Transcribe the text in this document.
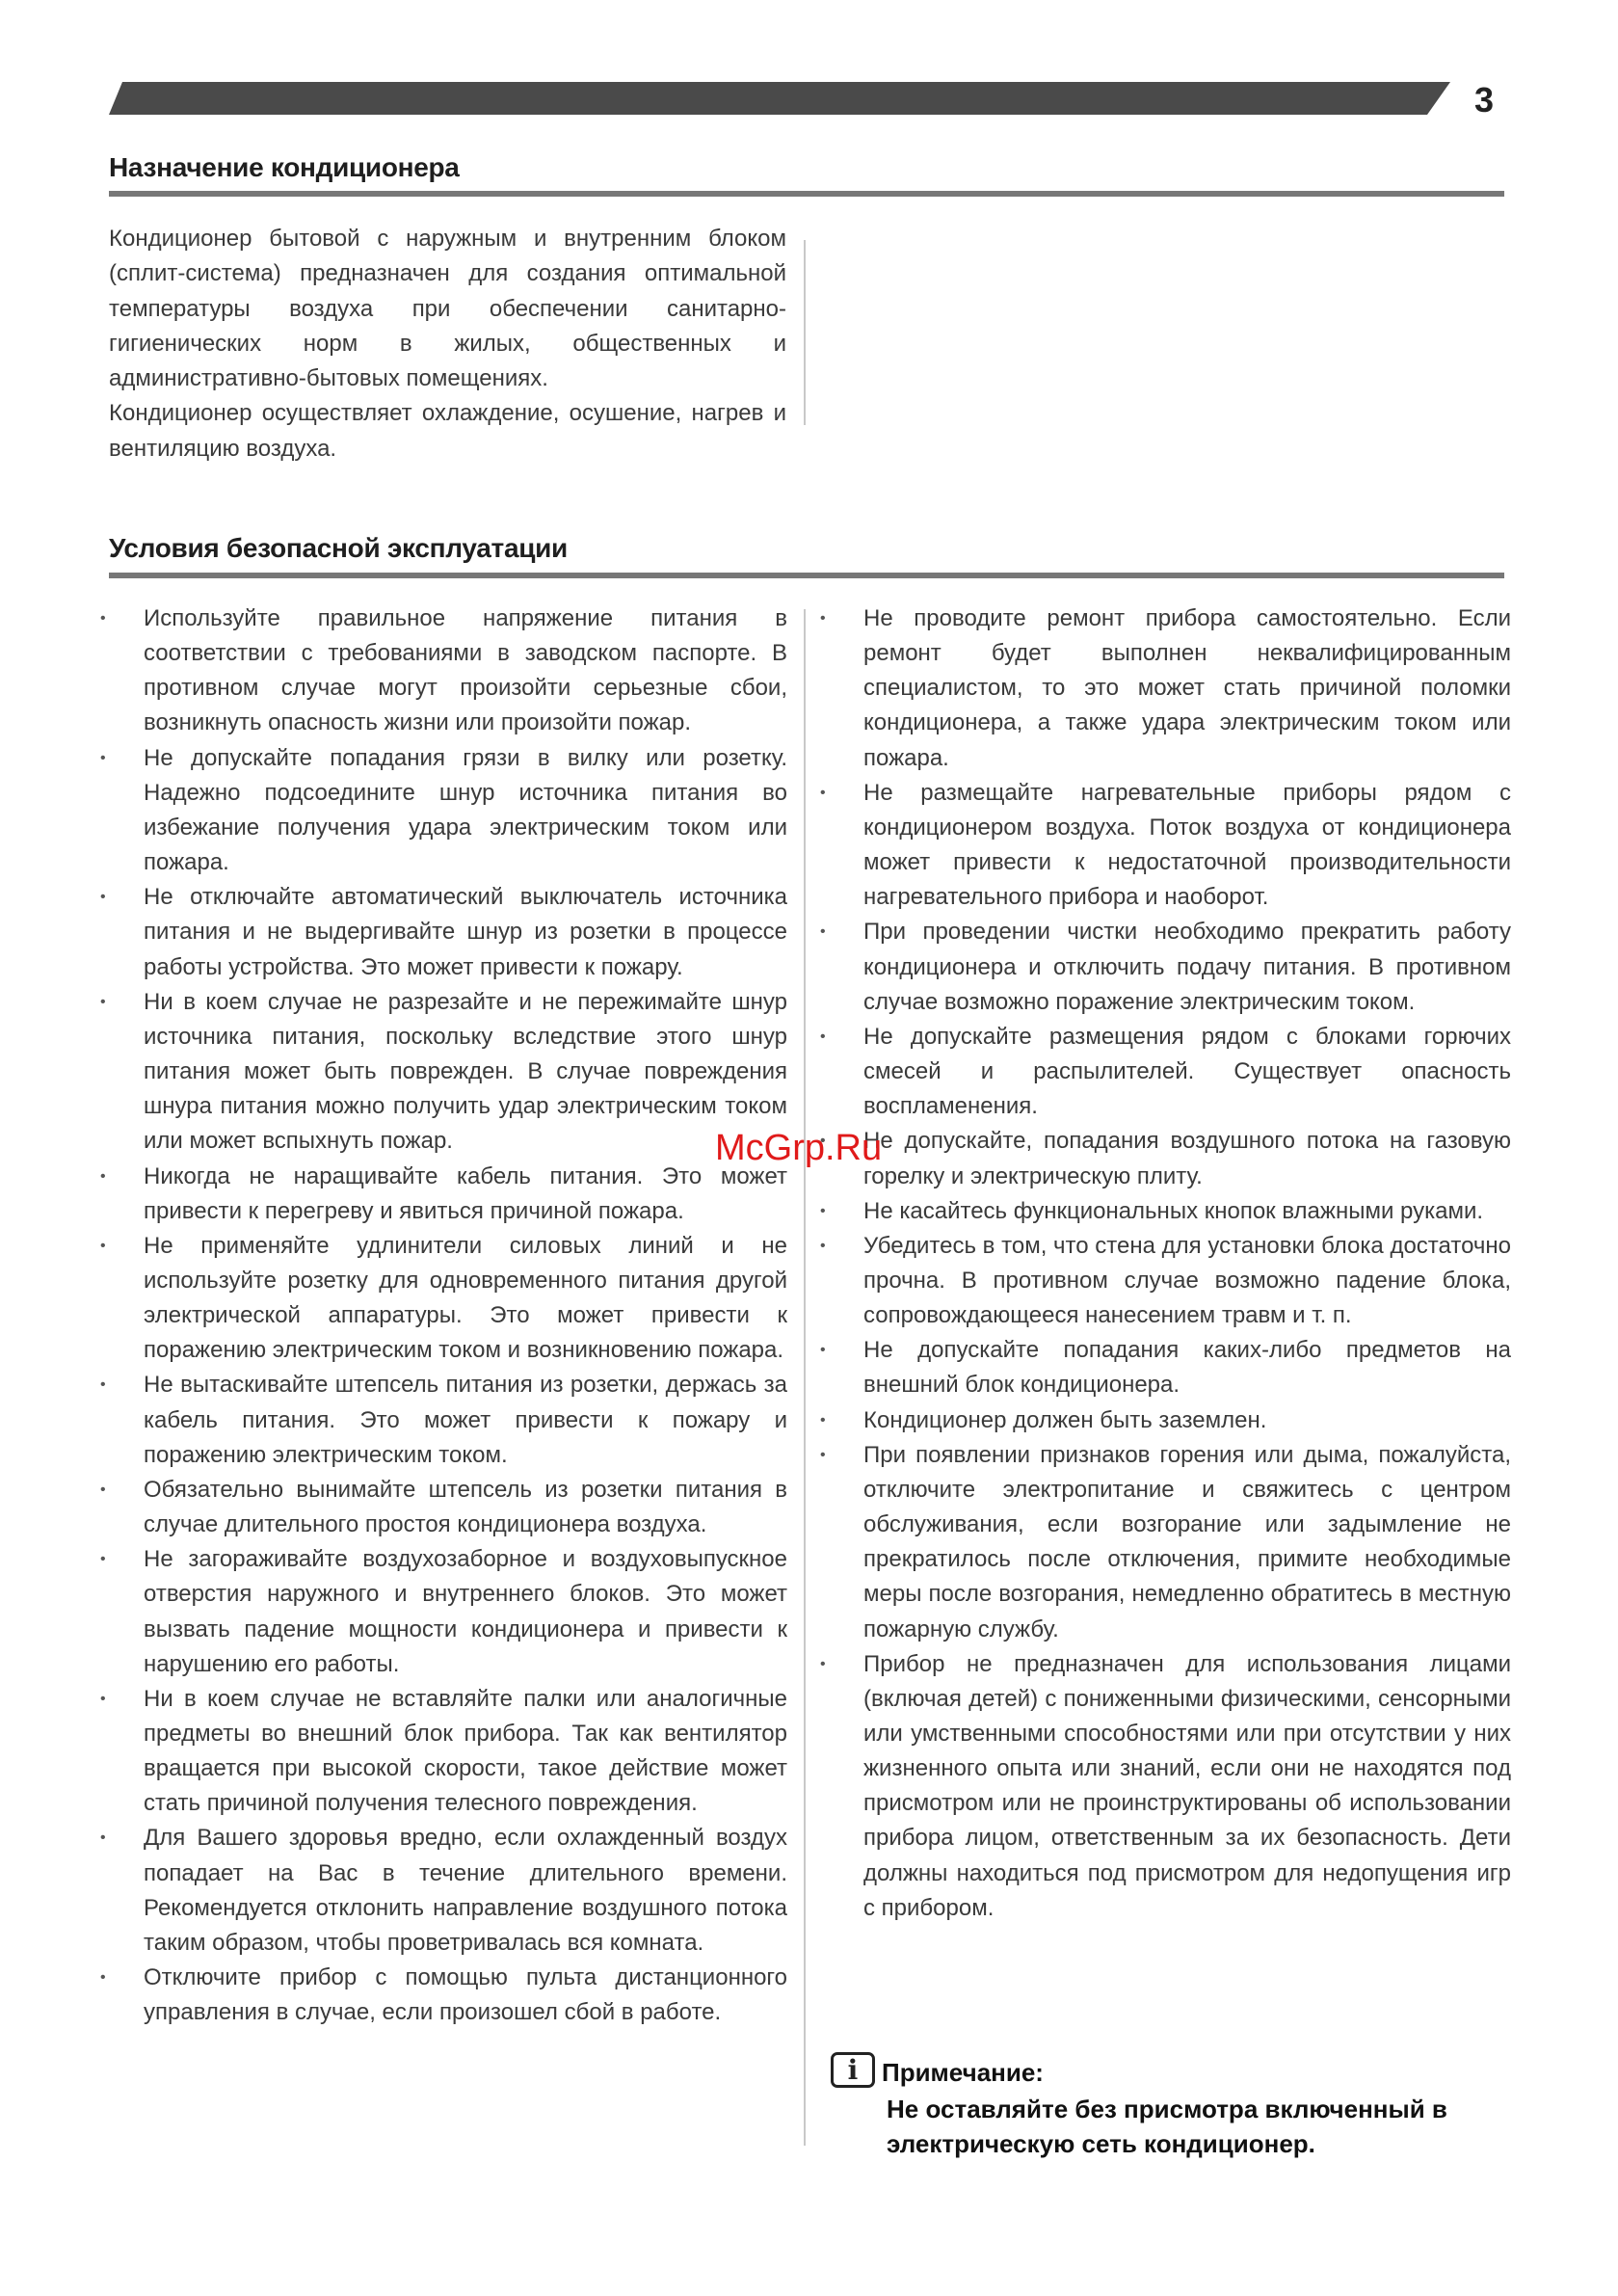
3
Назначение кондиционера

Кондиционер бытовой с наружным и внутренним блоком (сплит-система) предназначен для создания оптимальной температуры воздуха при обеспечении санитарно-гигиенических норм в жилых, общественных и административно-бытовых помещениях.

Кондиционер осуществляет охлаждение, осушение, нагрев и вентиляцию воздуха.

Условия безопасной эксплуатации
• Используйте правильное напряжение питания в соответствии с требованиями в заводском паспорте. В противном случае могут произойти серьезные сбои, возникнуть опасность жизни или произойти пожар.
• Не допускайте попадания грязи в вилку или розетку. Надежно подсоедините шнур источника питания во избежание получения удара электрическим током или пожара.
• Не отключайте автоматический выключатель источника питания и не выдергивайте шнур из розетки в процессе работы устройства. Это может привести к пожару.
• Ни в коем случае не разрезайте и не пережимайте шнур источника питания, поскольку вследствие этого шнур питания может быть поврежден. В случае повреждения шнура питания можно получить удар электрическим током или может вспыхнуть пожар.
• Никогда не наращивайте кабель питания. Это может привести к перегреву и явиться причиной пожара.
• Не применяйте удлинители силовых линий и не используйте розетку для одновременного питания другой электрической аппаратуры. Это может привести к поражению электрическим током и возникновению пожара.
• Не вытаскивайте штепсель питания из розетки, держась за кабель питания. Это может привести к пожару и поражению электрическим током.
• Обязательно вынимайте штепсель из розетки питания в случае длительного простоя кондиционера воздуха.
• Не загораживайте воздухозаборное и воздуховыпускное отверстия наружного и внутреннего блоков. Это может вызвать падение мощности кондиционера и привести к нарушению его работы.
• Ни в коем случае не вставляйте палки или аналогичные предметы во внешний блок прибора. Так как вентилятор вращается при высокой скорости, такое действие может стать причиной получения телесного повреждения.
• Для Вашего здоровья вредно, если охлажденный воздух попадает на Вас в течение длительного времени. Рекомендуется отклонить направление воздушного потока таким образом, чтобы проветривалась вся комната.
• Отключите прибор с помощью пульта дистанционного управления в случае, если произошел сбой в работе.
• Не проводите ремонт прибора самостоятельно. Если ремонт будет выполнен неквалифицированным специалистом, то это может стать причиной поломки кондиционера, а также удара электрическим током или пожара.
• Не размещайте нагревательные приборы рядом с кондиционером воздуха. Поток воздуха от кондиционера может привести к недостаточной производительности нагревательного прибора и наоборот.
• При проведении чистки необходимо прекратить работу кондиционера и отключить подачу питания. В противном случае возможно поражение электрическим током.
• Не допускайте размещения рядом с блоками горючих смесей и распылителей. Существует опасность воспламенения.
• Не допускайте, попадания воздушного потока на газовую горелку и электрическую плиту.
• Не касайтесь функциональных кнопок влажными руками.
• Убедитесь в том, что стена для установки блока достаточно прочна. В противном случае возможно падение блока, сопровождающееся нанесением травм и т. п.
• Не допускайте попадания каких-либо предметов на внешний блок кондиционера.
• Кондиционер должен быть заземлен.
• При появлении признаков горения или дыма, пожалуйста, отключите электропитание и свяжитесь с центром обслуживания, если возгорание или задымление не прекратилось после отключения, примите необходимые меры после возгорания, немедленно обратитесь в местную пожарную службу.
• Прибор не предназначен для использования лицами (включая детей) с пониженными физическими, сенсорными или умственными способностями или при отсутствии у них жизненного опыта или знаний, если они не находятся под присмотром или не проинструктированы об использовании прибора лицом, ответственным за их безопасность. Дети должны находиться под присмотром для недопущения игр с прибором.
i Примечание:
Не оставляйте без присмотра включенный в электрическую сеть кондиционер.
McGrp.Ru
